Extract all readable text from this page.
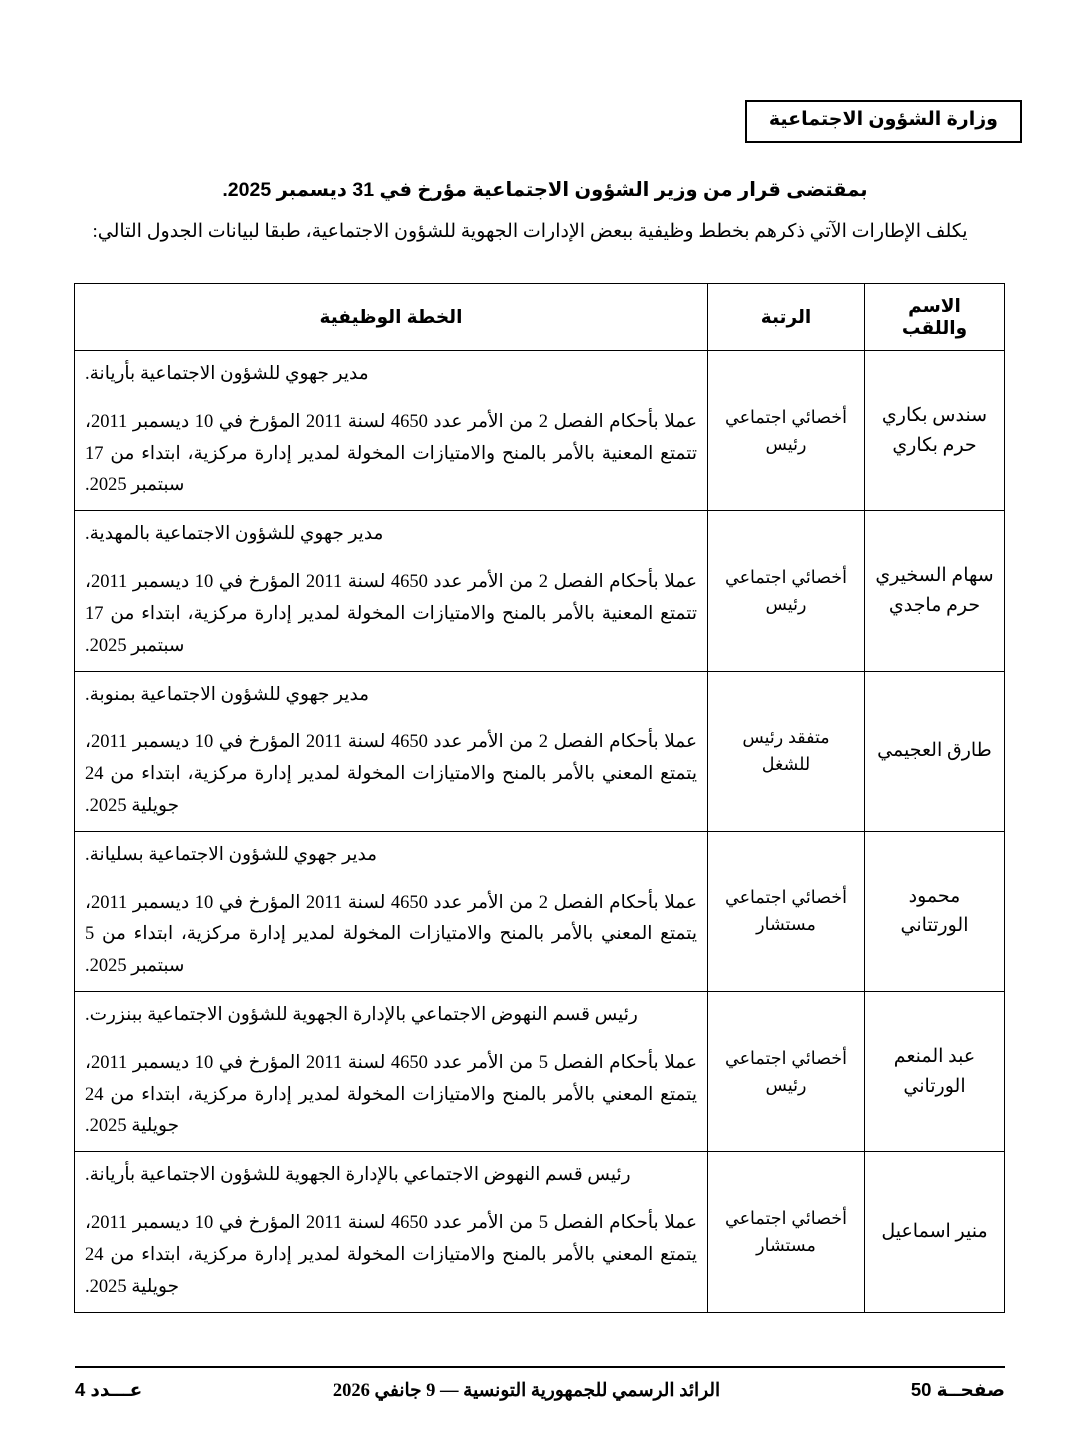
وزارة الشؤون الاجتماعية
بمقتضى قرار من وزير الشؤون الاجتماعية مؤرخ في 31 ديسمبر 2025.
يكلف الإطارات الآتي ذكرهم بخطط وظيفية ببعض الإدارات الجهوية للشؤون الاجتماعية، طبقا لبيانات الجدول التالي:
الاسم واللقب	الرتبة	الخطة الوظيفية
سندس بكاري حرم بكاري	أخصائي اجتماعي رئيس	مدير جهوي للشؤون الاجتماعية بأريانة.
عملا بأحكام الفصل 2 من الأمر عدد 4650 لسنة 2011 المؤرخ في 10 ديسمبر 2011، تتمتع المعنية بالأمر بالمنح والامتيازات المخولة لمدير إدارة مركزية، ابتداء من 17 سبتمبر 2025.

سهام السخيري حرم ماجدي	أخصائي اجتماعي رئيس	مدير جهوي للشؤون الاجتماعية بالمهدية.
عملا بأحكام الفصل 2 من الأمر عدد 4650 لسنة 2011 المؤرخ في 10 ديسمبر 2011، تتمتع المعنية بالأمر بالمنح والامتيازات المخولة لمدير إدارة مركزية، ابتداء من 17 سبتمبر 2025.

طارق العجيمي	متفقد رئيس للشغل	مدير جهوي للشؤون الاجتماعية بمنوبة.
عملا بأحكام الفصل 2 من الأمر عدد 4650 لسنة 2011 المؤرخ في 10 ديسمبر 2011، يتمتع المعني بالأمر بالمنح والامتيازات المخولة لمدير إدارة مركزية، ابتداء من 24 جويلية 2025.

محمود الورتتاني	أخصائي اجتماعي مستشار	مدير جهوي للشؤون الاجتماعية بسليانة.
عملا بأحكام الفصل 2 من الأمر عدد 4650 لسنة 2011 المؤرخ في 10 ديسمبر 2011، يتمتع المعني بالأمر بالمنح والامتيازات المخولة لمدير إدارة مركزية، ابتداء من 5 سبتمبر 2025.

عبد المنعم الورتاني	أخصائي اجتماعي رئيس	رئيس قسم النهوض الاجتماعي بالإدارة الجهوية للشؤون الاجتماعية ببنزرت.
عملا بأحكام الفصل 5 من الأمر عدد 4650 لسنة 2011 المؤرخ في 10 ديسمبر 2011، يتمتع المعني بالأمر بالمنح والامتيازات المخولة لمدير إدارة مركزية، ابتداء من 24 جويلية 2025.

منير اسماعيل	أخصائي اجتماعي مستشار	رئيس قسم النهوض الاجتماعي بالإدارة الجهوية للشؤون الاجتماعية بأريانة.
عملا بأحكام الفصل 5 من الأمر عدد 4650 لسنة 2011 المؤرخ في 10 ديسمبر 2011، يتمتع المعني بالأمر بالمنح والامتيازات المخولة لمدير إدارة مركزية، ابتداء من 24 جويلية 2025.
صفحــة 50
الرائد الرسمي للجمهورية التونسية — 9 جانفي 2026
عـــدد 4
